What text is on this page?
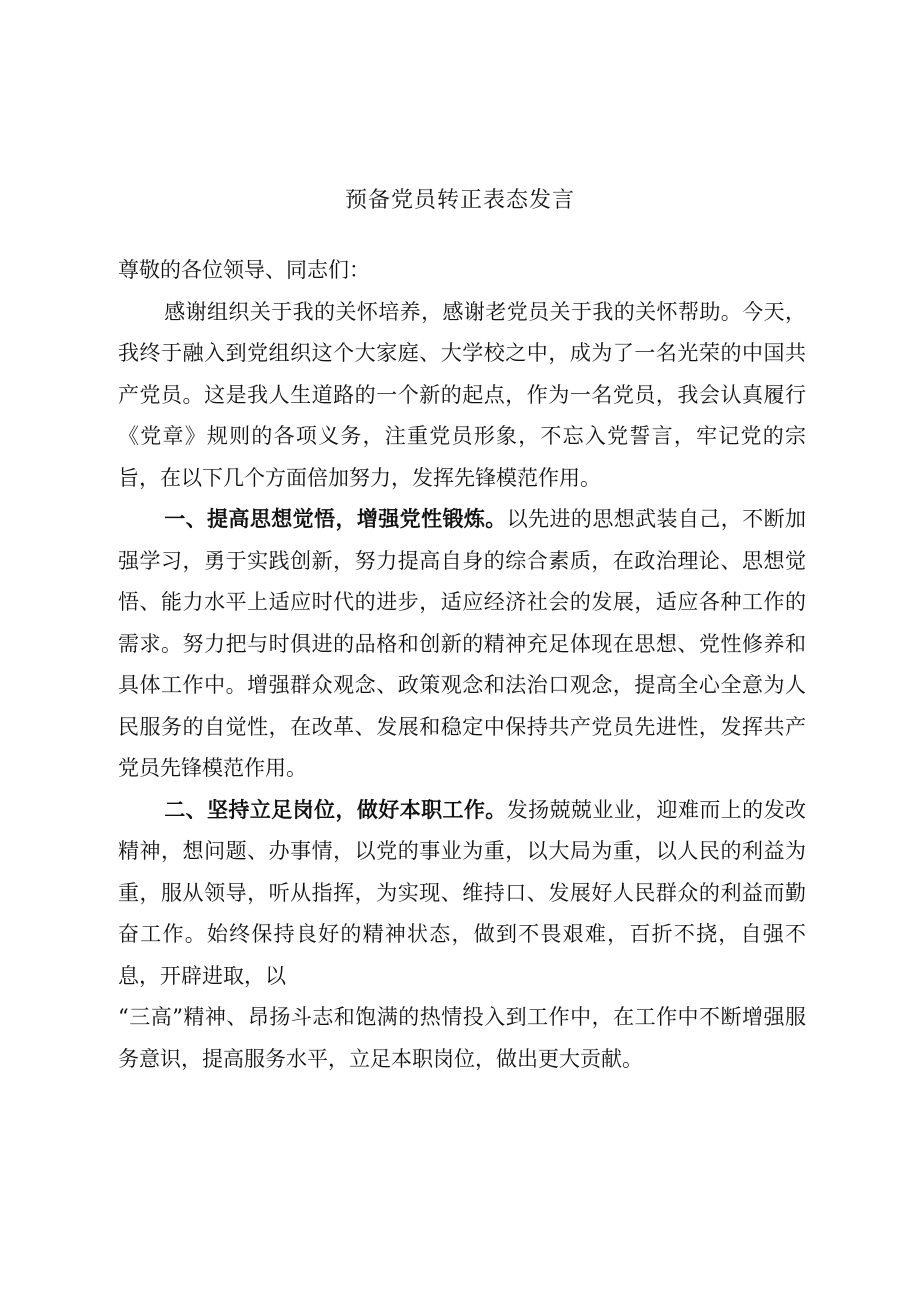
预备党员转正表态发言

尊敬的各位领导、同志们：

感谢组织关于我的关怀培养，感谢老党员关于我的关怀帮助。今天，我终于融入到党组织这个大家庭、大学校之中，成为了一名光荣的中国共产党员。这是我人生道路的一个新的起点，作为一名党员，我会认真履行《党章》规则的各项义务，注重党员形象，不忘入党誓言，牢记党的宗旨，在以下几个方面倍加努力，发挥先锋模范作用。

一、提高思想觉悟，增强党性锻炼。以先进的思想武装自己，不断加强学习，勇于实践创新，努力提高自身的综合素质，在政治理论、思想觉悟、能力水平上适应时代的进步，适应经济社会的发展，适应各种工作的需求。努力把与时俱进的品格和创新的精神充足体现在思想、党性修养和具体工作中。增强群众观念、政策观念和法治口观念，提高全心全意为人民服务的自觉性，在改革、发展和稳定中保持共产党员先进性，发挥共产党员先锋模范作用。

二、坚持立足岗位，做好本职工作。发扬兢兢业业，迎难而上的发改精神，想问题、办事情，以党的事业为重，以大局为重，以人民的利益为重，服从领导，听从指挥，为实现、维持口、发展好人民群众的利益而勤奋工作。始终保持良好的精神状态，做到不畏艰难，百折不挠，自强不息，开辟进取，以

“三高”精神、昂扬斗志和饱满的热情投入到工作中，在工作中不断增强服务意识，提高服务水平，立足本职岗位，做出更大贡献。
